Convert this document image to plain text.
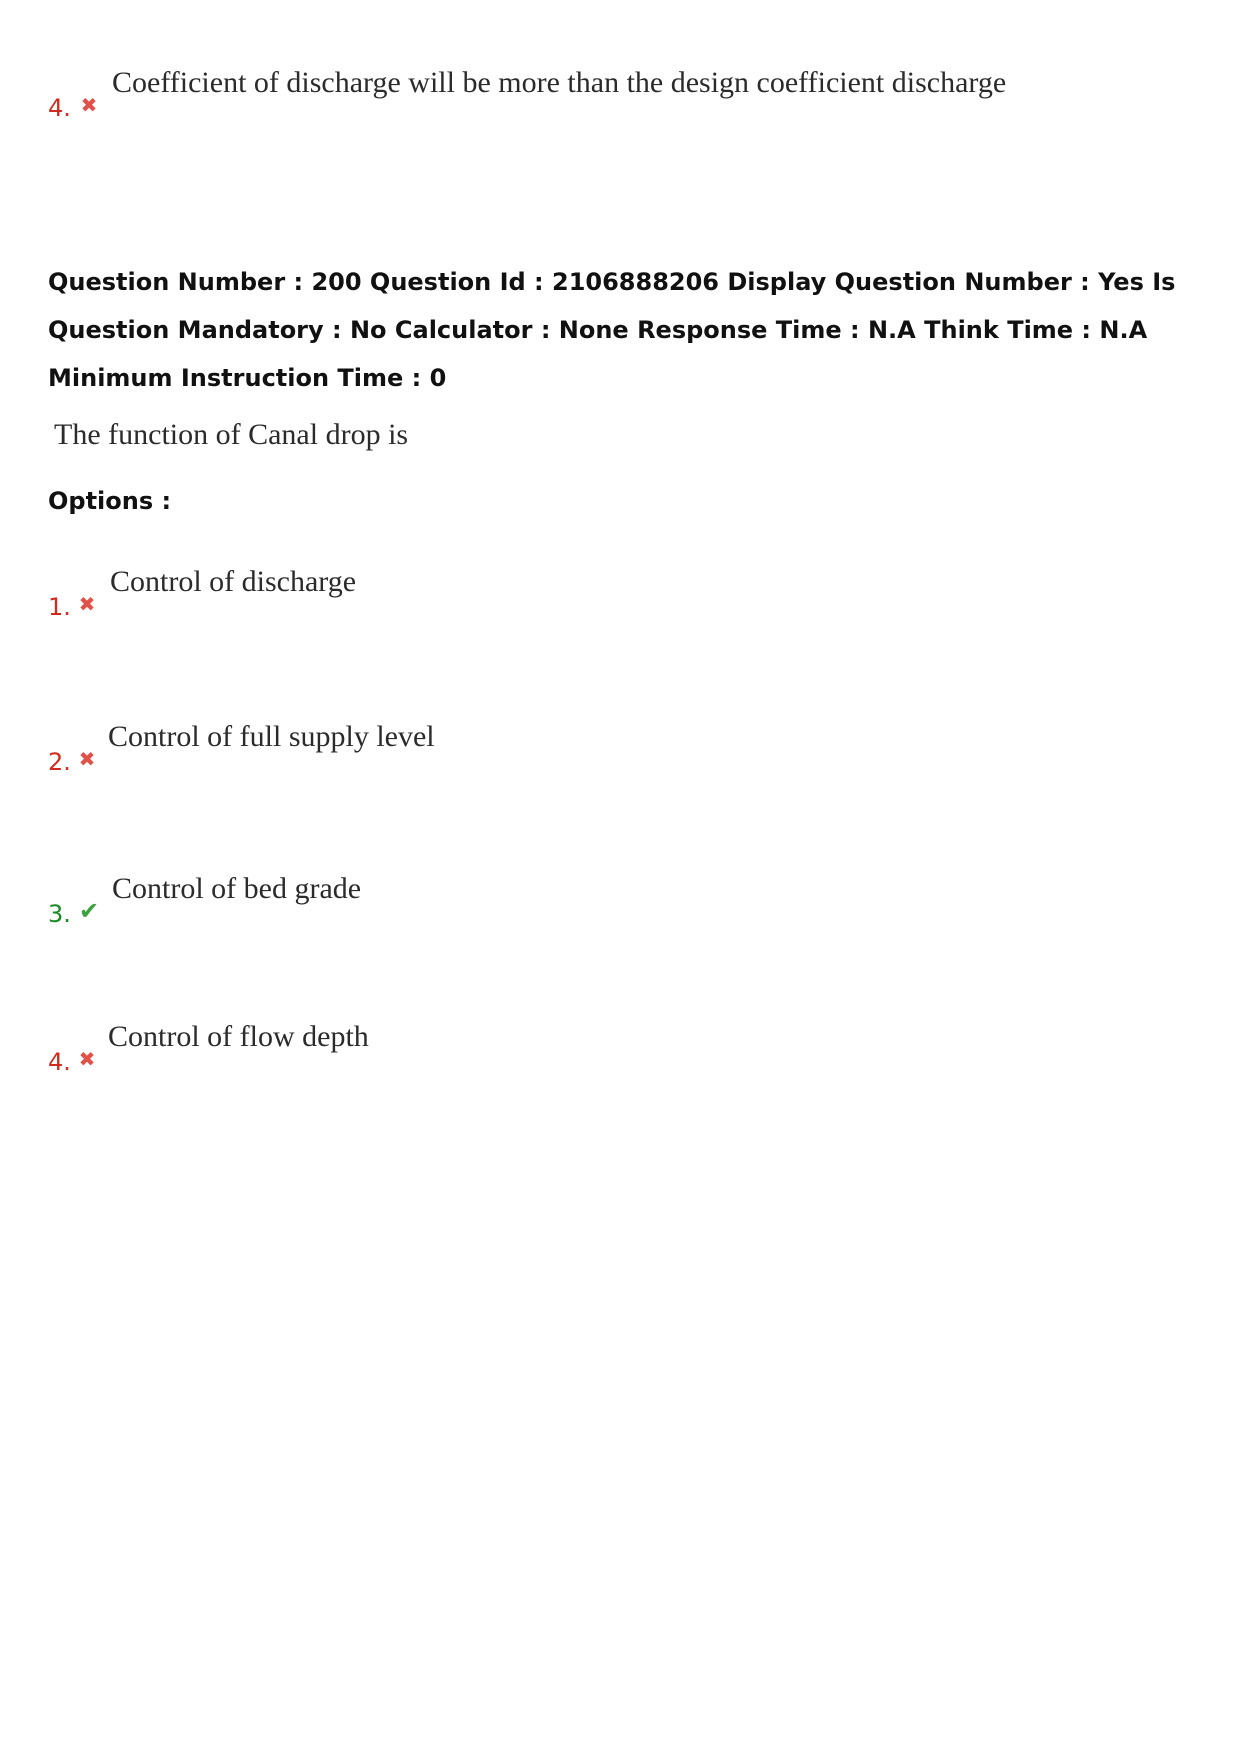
4. ✖
Coefficient of discharge will be more than the design coefficient discharge
Question Number : 200 Question Id : 2106888206 Display Question Number : Yes Is Question Mandatory : No Calculator : None Response Time : N.A Think Time : N.A Minimum Instruction Time : 0
The function of Canal drop is
Options :
1. ✖
Control of discharge
2. ✖
Control of full supply level
3. ✔
Control of bed grade
4. ✖
Control of flow depth
